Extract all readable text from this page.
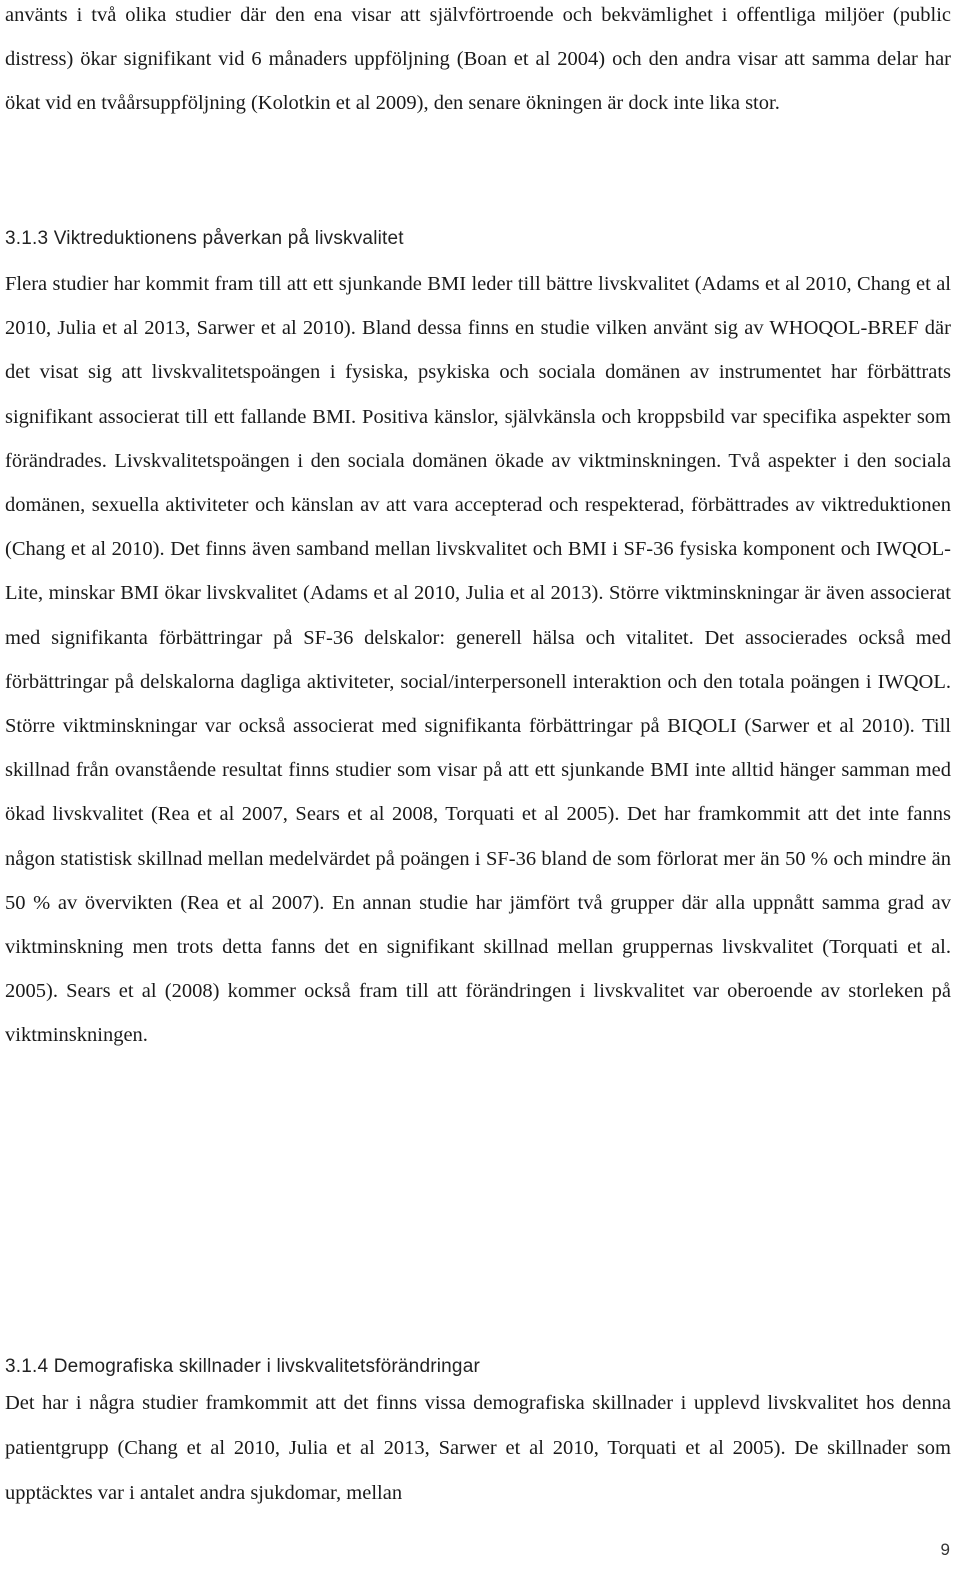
använts i två olika studier där den ena visar att självförtroende och bekvämlighet i offentliga miljöer (public distress) ökar signifikant vid 6 månaders uppföljning (Boan et al 2004) och den andra visar att samma delar har ökat vid en tvåårsuppföljning (Kolotkin et al 2009), den senare ökningen är dock inte lika stor.

3.1.3 Viktreduktionens påverkan på livskvalitet

Flera studier har kommit fram till att ett sjunkande BMI leder till bättre livskvalitet (Adams et al 2010, Chang et al 2010, Julia et al 2013, Sarwer et al 2010). Bland dessa finns en studie vilken använt sig av WHOQOL-BREF där det visat sig att livskvalitetspoängen i fysiska, psykiska och sociala domänen av instrumentet har förbättrats signifikant associerat till ett fallande BMI. Positiva känslor, självkänsla och kroppsbild var specifika aspekter som förändrades. Livskvalitetspoängen i den sociala domänen ökade av viktminskningen. Två aspekter i den sociala domänen, sexuella aktiviteter och känslan av att vara accepterad och respekterad, förbättrades av viktreduktionen (Chang et al 2010). Det finns även samband mellan livskvalitet och BMI i SF-36 fysiska komponent och IWQOL-Lite, minskar BMI ökar livskvalitet (Adams et al 2010, Julia et al 2013). Större viktminskningar är även associerat med signifikanta förbättringar på SF-36 delskalor: generell hälsa och vitalitet. Det associerades också med förbättringar på delskalorna dagliga aktiviteter, social/interpersonell interaktion och den totala poängen i IWQOL. Större viktminskningar var också associerat med signifikanta förbättringar på BIQOLI (Sarwer et al 2010). Till skillnad från ovanstående resultat finns studier som visar på att ett sjunkande BMI inte alltid hänger samman med ökad livskvalitet (Rea et al 2007, Sears et al 2008, Torquati et al 2005). Det har framkommit att det inte fanns någon statistisk skillnad mellan medelvärdet på poängen i SF-36 bland de som förlorat mer än 50 % och mindre än 50 % av övervikten (Rea et al 2007). En annan studie har jämfört två grupper där alla uppnått samma grad av viktminskning men trots detta fanns det en signifikant skillnad mellan gruppernas livskvalitet (Torquati et al. 2005). Sears et al (2008) kommer också fram till att förändringen i livskvalitet var oberoende av storleken på viktminskningen.

3.1.4 Demografiska skillnader i livskvalitetsförändringar

Det har i några studier framkommit att det finns vissa demografiska skillnader i upplevd livskvalitet hos denna patientgrupp (Chang et al 2010, Julia et al 2013, Sarwer et al 2010, Torquati et al 2005). De skillnader som upptäcktes var i antalet andra sjukdomar, mellan

9
